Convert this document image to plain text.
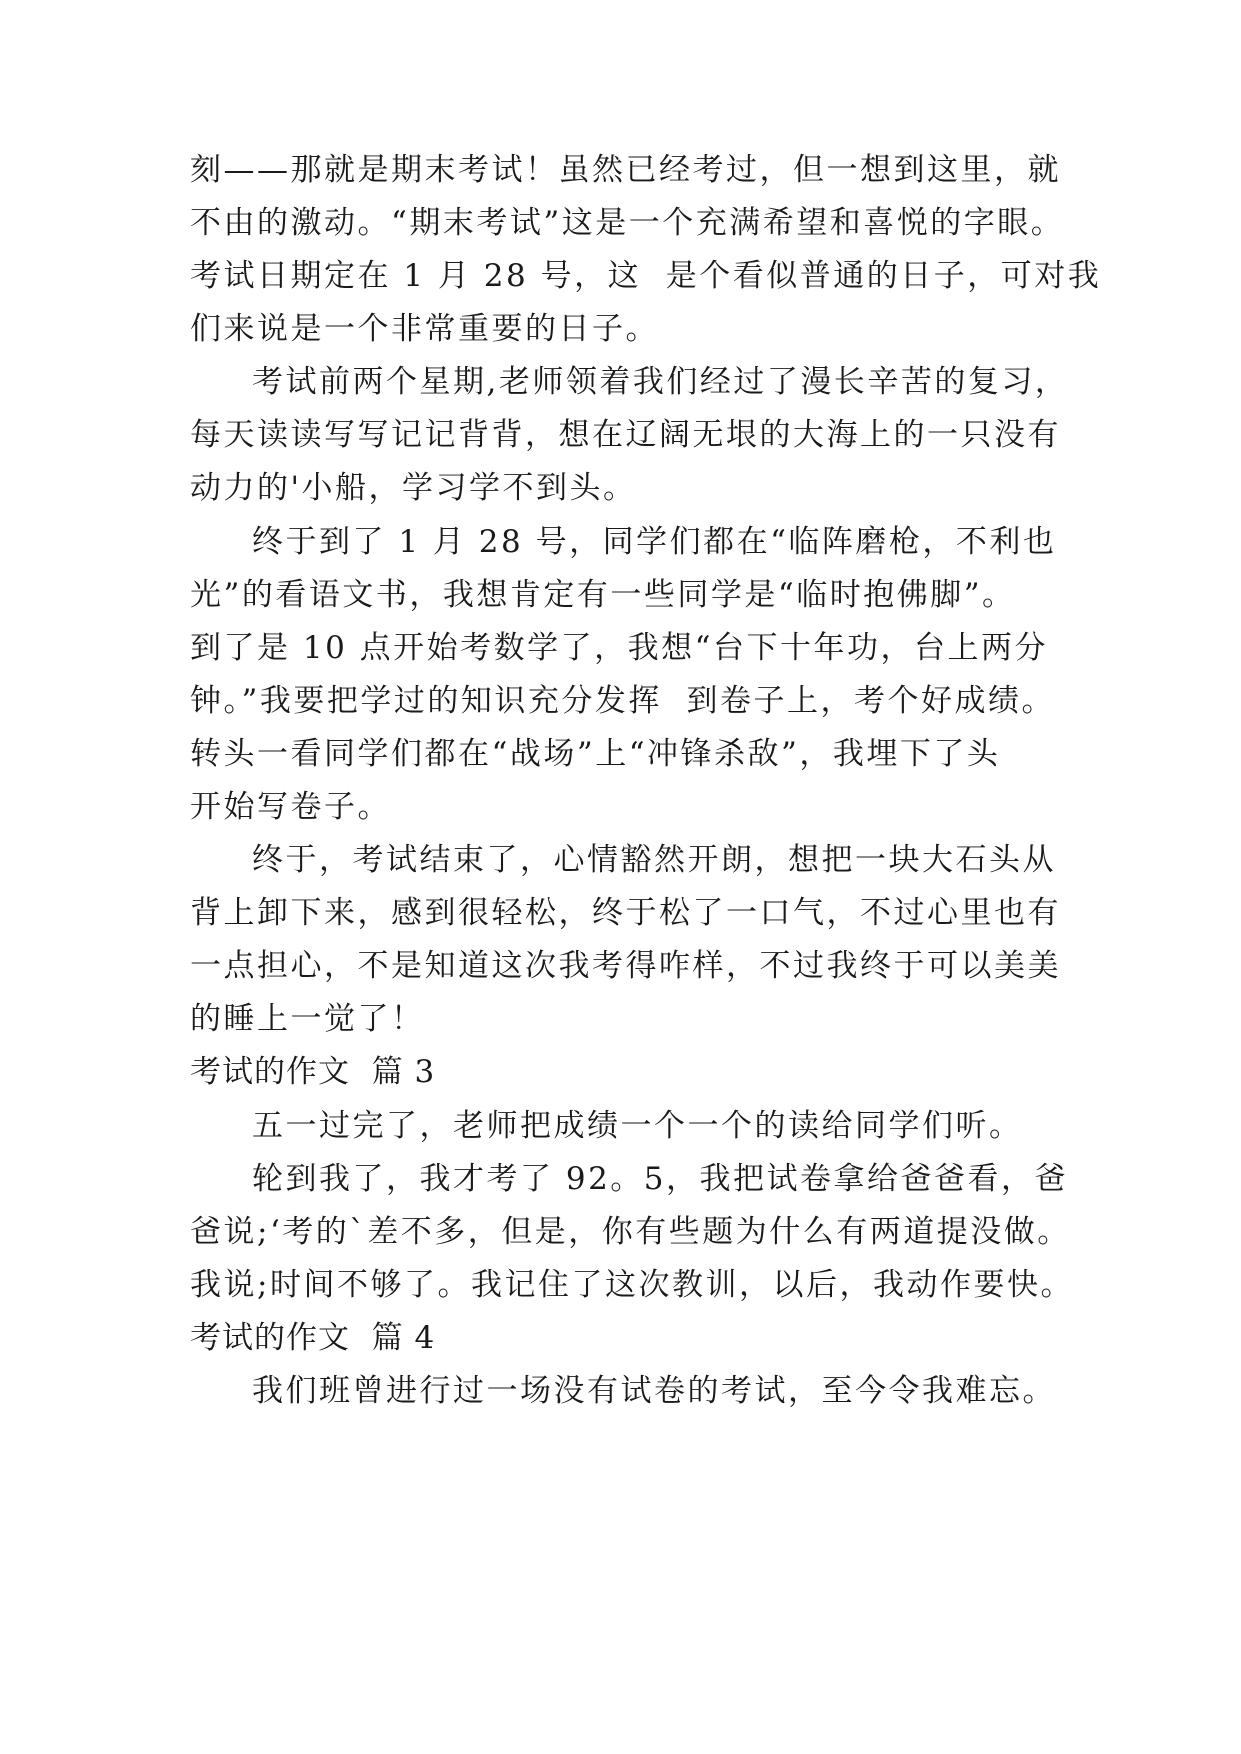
刻——那就是期末考试！虽然已经考过，但一想到这里，就
不由的激动。“期末考试”这是一个充满希望和喜悦的字眼。
考试日期定在 1 月 28 号，这  是个看似普通的日子，可对我
们来说是一个非常重要的日子。
考试前两个星期,老师领着我们经过了漫长辛苦的复习，
每天读读写写记记背背，想在辽阔无垠的大海上的一只没有
动力的'小船，学习学不到头。
终于到了 1 月 28 号，同学们都在“临阵磨枪，不利也
光”的看语文书，我想肯定有一些同学是“临时抱佛脚”。
到了是 10 点开始考数学了，我想“台下十年功，台上两分
钟。”我要把学过的知识充分发挥  到卷子上，考个好成绩。
转头一看同学们都在“战场”上“冲锋杀敌”，我埋下了头
开始写卷子。
终于，考试结束了，心情豁然开朗，想把一块大石头从
背上卸下来，感到很轻松，终于松了一口气，不过心里也有
一点担心，不是知道这次我考得咋样，不过我终于可以美美
的睡上一觉了！
考试的作文  篇 3
五一过完了，老师把成绩一个一个的读给同学们听。
轮到我了，我才考了 92。5，我把试卷拿给爸爸看，爸
爸说;‘考的`差不多，但是，你有些题为什么有两道提没做。
我说;时间不够了。我记住了这次教训，以后，我动作要快。
考试的作文  篇 4
我们班曾进行过一场没有试卷的考试，至今令我难忘。
